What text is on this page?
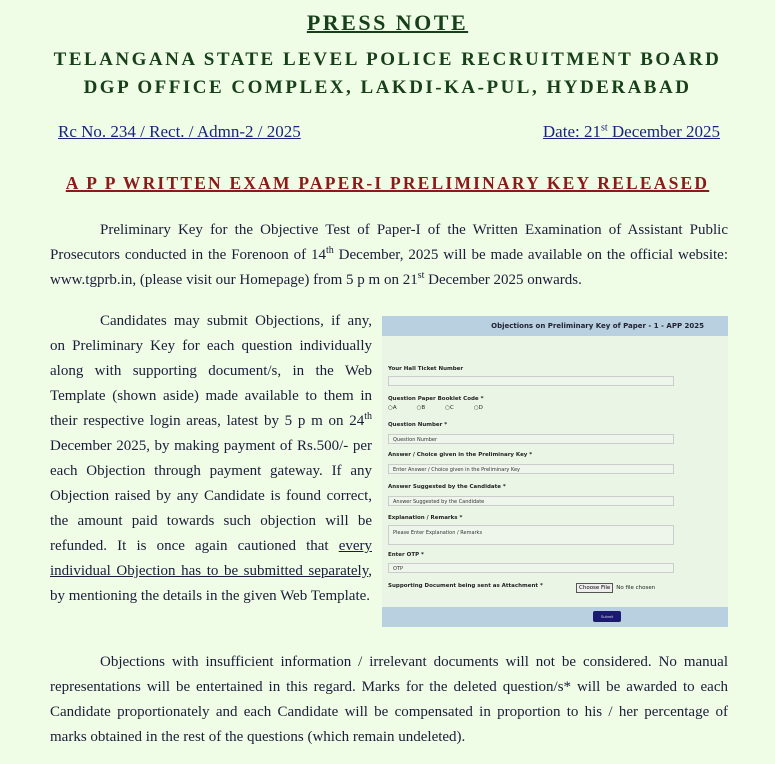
PRESS NOTE
TELANGANA STATE LEVEL POLICE RECRUITMENT BOARD
DGP OFFICE COMPLEX, LAKDI-KA-PUL, HYDERABAD
Rc No. 234 / Rect. / Admn-2 / 2025	Date: 21st December 2025
A P P WRITTEN EXAM PAPER-I PRELIMINARY KEY RELEASED
Preliminary Key for the Objective Test of Paper-I of the Written Examination of Assistant Public Prosecutors conducted in the Forenoon of 14th December, 2025 will be made available on the official website: www.tgprb.in, (please visit our Homepage) from 5 p m on 21st December 2025 onwards.
Candidates may submit Objections, if any, on Preliminary Key for each question individually along with supporting document/s, in the Web Template (shown aside) made available to them in their respective login areas, latest by 5 p m on 24th December 2025, by making payment of Rs.500/- per each Objection through payment gateway. If any Objection raised by any Candidate is found correct, the amount paid towards such objection will be refunded. It is once again cautioned that every individual Objection has to be submitted separately, by mentioning the details in the given Web Template.
Objections on Preliminary Key of Paper - 1 - APP 2025
Your Hall Ticket Number
Question Paper Booklet Code *
○A	○B	○C	○D
Question Number *
Question Number
Answer / Choice given in the Preliminary Key *
Enter Answer / Choice given in the Preliminary Key
Answer Suggested by the Candidate *
Answer Suggested by the Candidate
Explanation / Remarks *
Please Enter Explanation / Remarks
Enter OTP *
OTP
Supporting Document being sent as Attachment *	Choose File	No file chosen
Submit
Objections with insufficient information / irrelevant documents will not be considered. No manual representations will be entertained in this regard. Marks for the deleted question/s* will be awarded to each Candidate proportionately and each Candidate will be compensated in proportion to his / her percentage of marks obtained in the rest of the questions (which remain undeleted).
